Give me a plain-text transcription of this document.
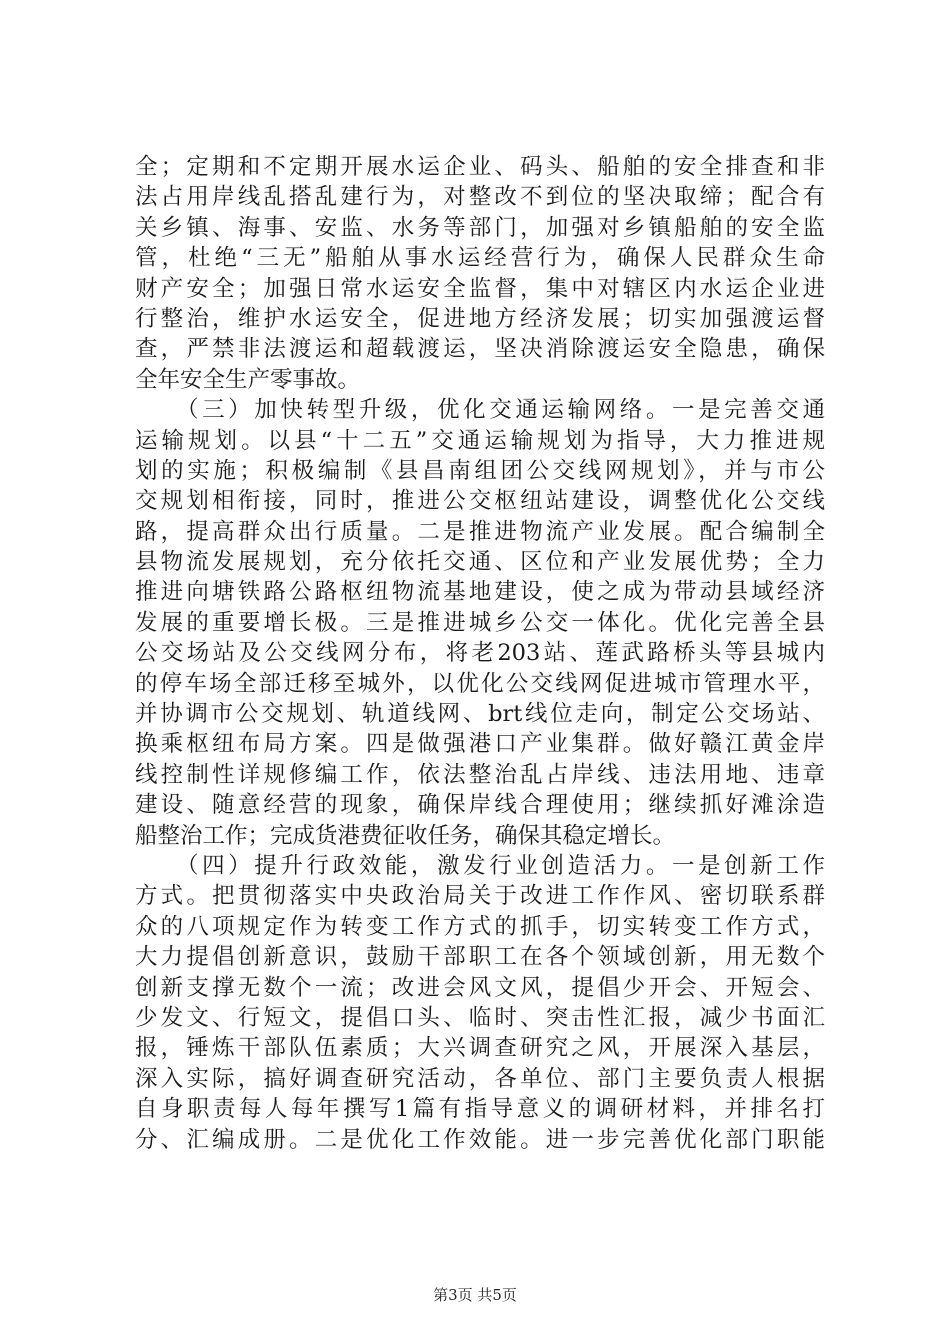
全；定期和不定期开展水运企业、码头、船舶的安全排查和非
法占用岸线乱搭乱建行为，对整改不到位的坚决取缔；配合有
关乡镇、海事、安监、水务等部门，加强对乡镇船舶的安全监
管，杜绝“三无”船舶从事水运经营行为，确保人民群众生命
财产安全；加强日常水运安全监督，集中对辖区内水运企业进
行整治，维护水运安全，促进地方经济发展；切实加强渡运督
查，严禁非法渡运和超载渡运，坚决消除渡运安全隐患，确保
全年安全生产零事故。
　　（三）加快转型升级，优化交通运输网络。一是完善交通
运输规划。以县“十二五”交通运输规划为指导，大力推进规
划的实施；积极编制《县昌南组团公交线网规划》，并与市公
交规划相衔接，同时，推进公交枢纽站建设，调整优化公交线
路，提高群众出行质量。二是推进物流产业发展。配合编制全
县物流发展规划，充分依托交通、区位和产业发展优势；全力
推进向塘铁路公路枢纽物流基地建设，使之成为带动县域经济
发展的重要增长极。三是推进城乡公交一体化。优化完善全县
公交场站及公交线网分布，将老203站、莲武路桥头等县城内
的停车场全部迁移至城外，以优化公交线网促进城市管理水平，
并协调市公交规划、轨道线网、brt线位走向，制定公交场站、
换乘枢纽布局方案。四是做强港口产业集群。做好赣江黄金岸
线控制性详规修编工作，依法整治乱占岸线、违法用地、违章
建设、随意经营的现象，确保岸线合理使用；继续抓好滩涂造
船整治工作；完成货港费征收任务，确保其稳定增长。
　　（四）提升行政效能，激发行业创造活力。一是创新工作
方式。把贯彻落实中央政治局关于改进工作作风、密切联系群
众的八项规定作为转变工作方式的抓手，切实转变工作方式，
大力提倡创新意识，鼓励干部职工在各个领域创新，用无数个
创新支撑无数个一流；改进会风文风，提倡少开会、开短会、
少发文、行短文，提倡口头、临时、突击性汇报，减少书面汇
报，锤炼干部队伍素质；大兴调查研究之风，开展深入基层，
深入实际，搞好调查研究活动，各单位、部门主要负责人根据
自身职责每人每年撰写1篇有指导意义的调研材料，并排名打
分、汇编成册。二是优化工作效能。进一步完善优化部门职能
第3页 共5页
